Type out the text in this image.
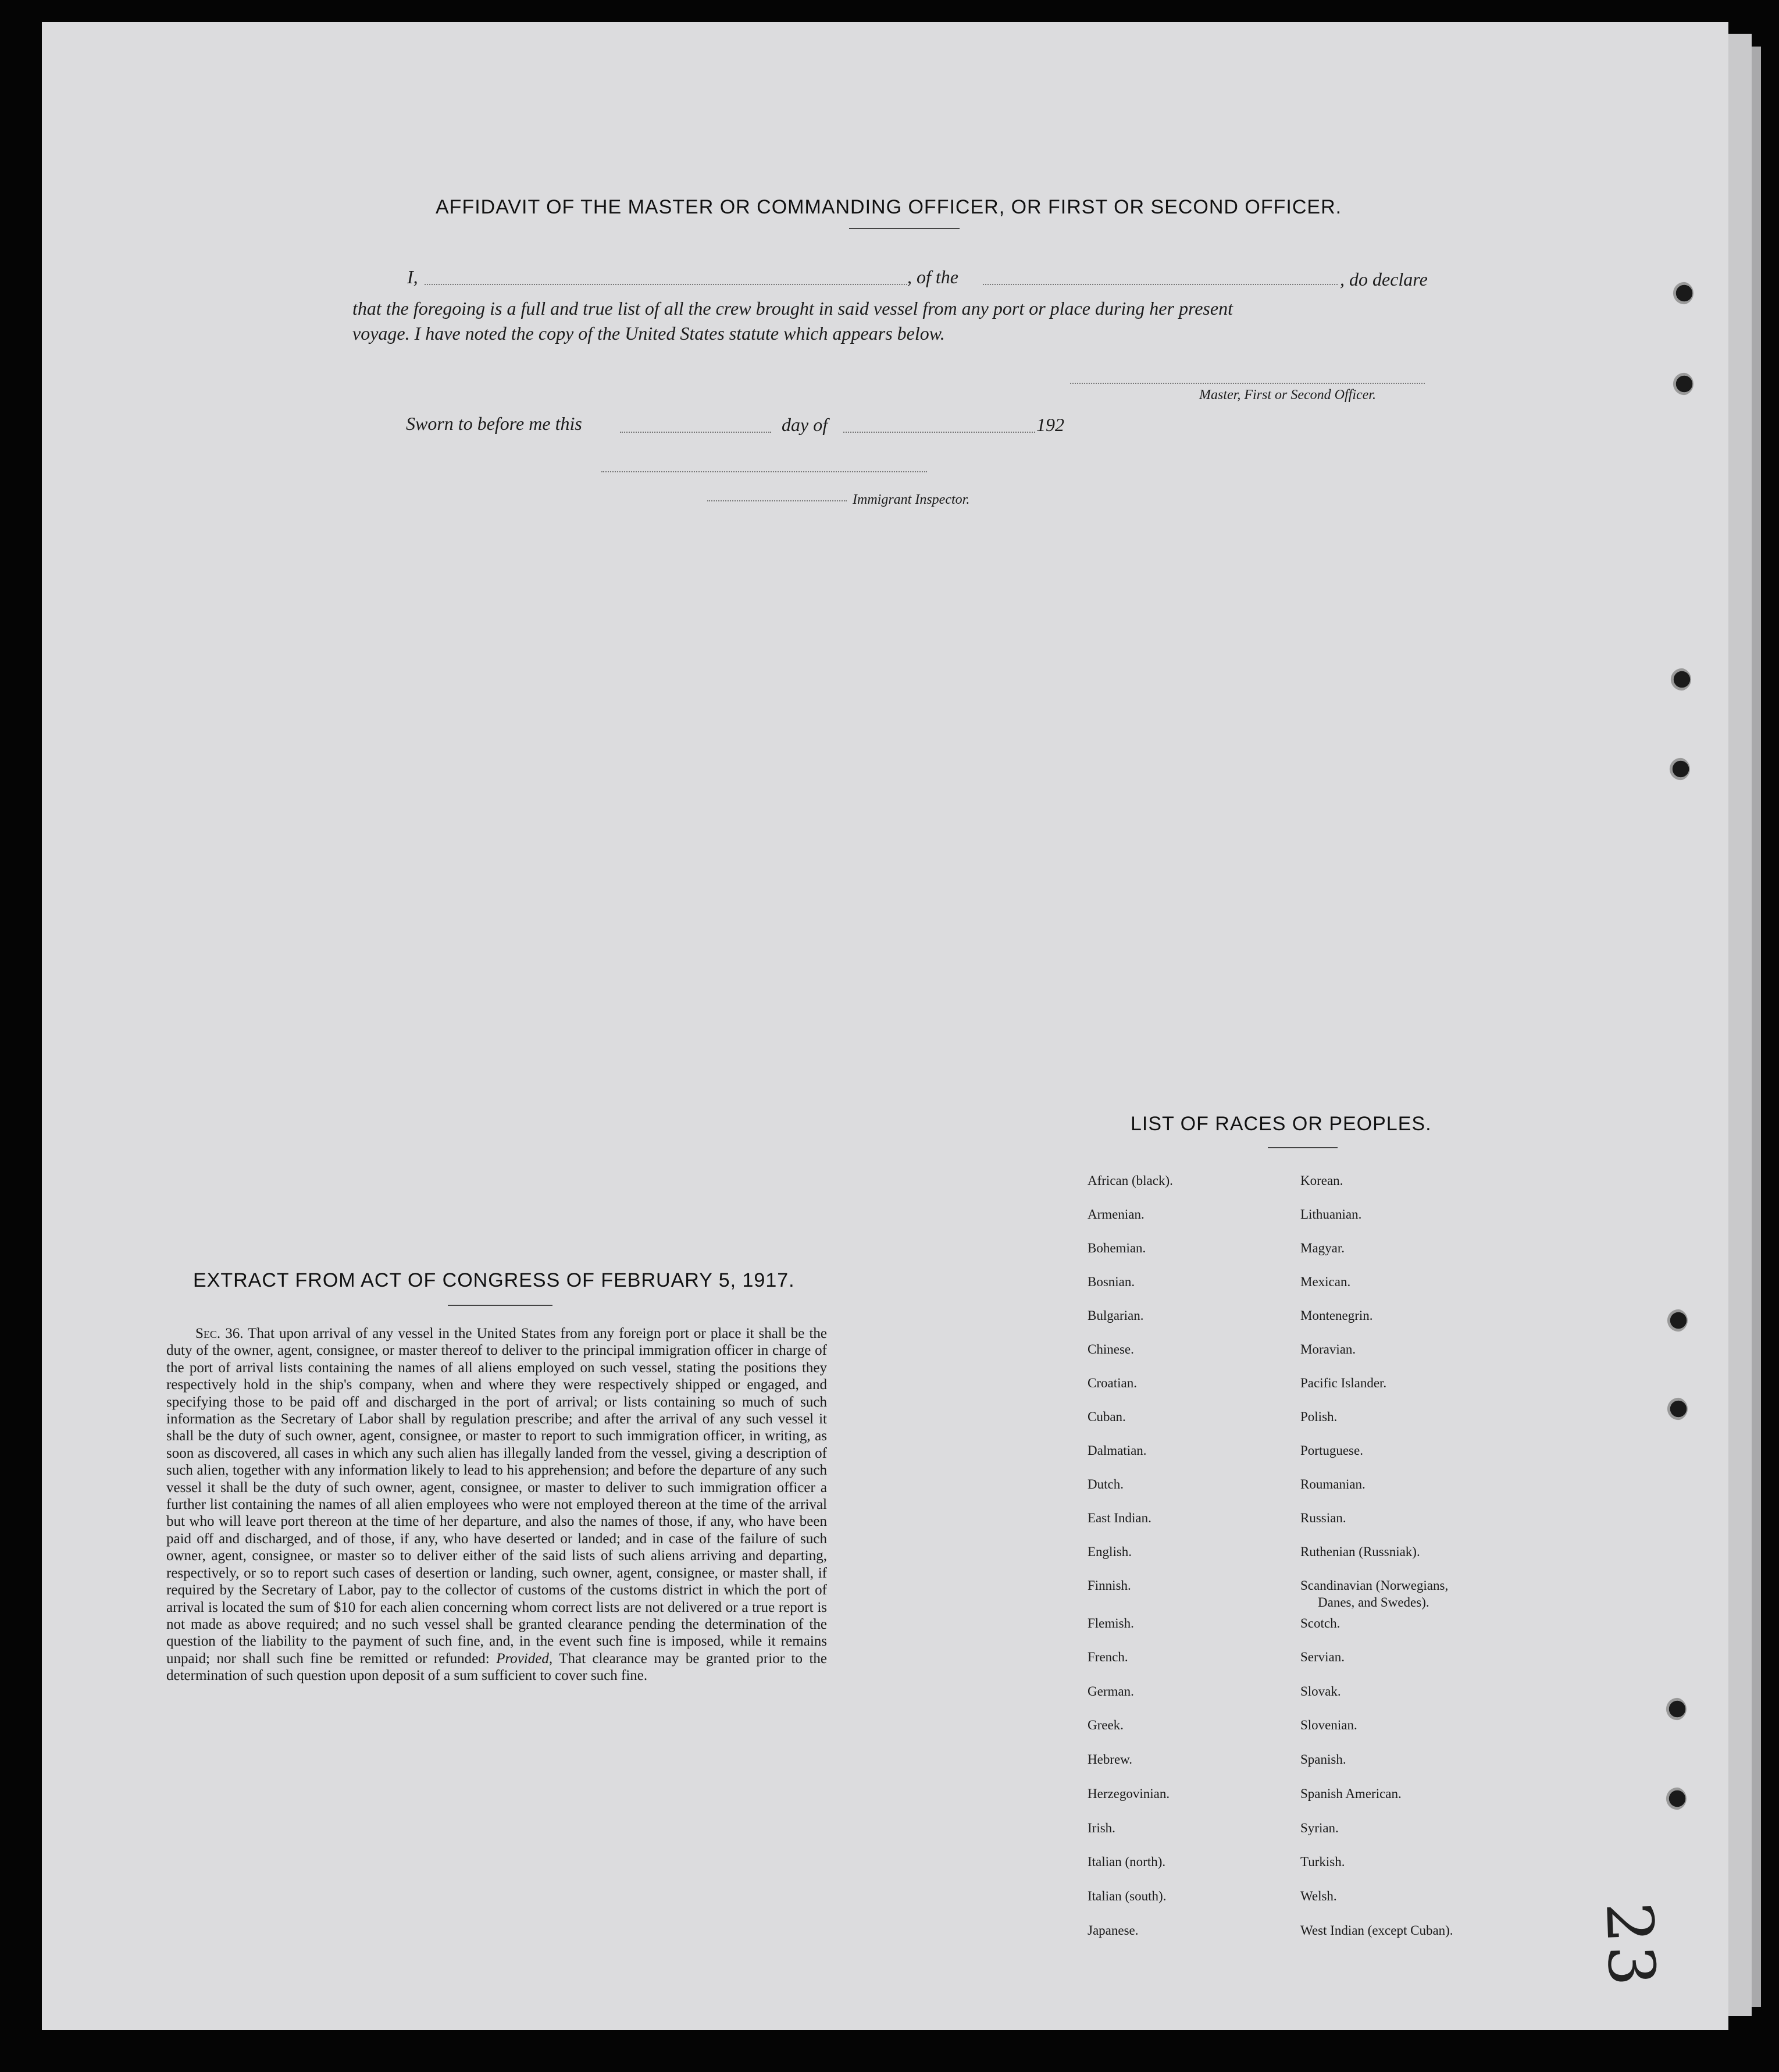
AFFIDAVIT OF THE MASTER OR COMMANDING OFFICER, OR FIRST OR SECOND OFFICER.
I,	, of the	, do declare
that the foregoing is a full and true list of all the crew brought in said vessel from any port or place during her present
voyage. I have noted the copy of the United States statute which appears below.
Master, First or Second Officer.
Sworn to before me this	day of	192
Immigrant Inspector.
EXTRACT FROM ACT OF CONGRESS OF FEBRUARY 5, 1917.
Sec. 36. That upon arrival of any vessel in the United States from any foreign port or place it shall be the duty of the owner, agent, consignee, or master thereof to deliver to the principal immigration officer in charge of the port of arrival lists containing the names of all aliens employed on such vessel, stating the positions they respectively hold in the ship's company, when and where they were respectively shipped or engaged, and specifying those to be paid off and discharged in the port of arrival; or lists containing so much of such information as the Secretary of Labor shall by regulation prescribe; and after the arrival of any such vessel it shall be the duty of such owner, agent, consignee, or master to report to such immigration officer, in writing, as soon as discovered, all cases in which any such alien has illegally landed from the vessel, giving a description of such alien, together with any information likely to lead to his apprehension; and before the departure of any such vessel it shall be the duty of such owner, agent, consignee, or master to deliver to such immigration officer a further list containing the names of all alien employees who were not employed thereon at the time of the arrival but who will leave port thereon at the time of her departure, and also the names of those, if any, who have been paid off and discharged, and of those, if any, who have deserted or landed; and in case of the failure of such owner, agent, consignee, or master so to deliver either of the said lists of such aliens arriving and departing, respectively, or so to report such cases of desertion or landing, such owner, agent, consignee, or master shall, if required by the Secretary of Labor, pay to the collector of customs of the customs district in which the port of arrival is located the sum of $10 for each alien concerning whom correct lists are not delivered or a true report is not made as above required; and no such vessel shall be granted clearance pending the determination of the question of the liability to the payment of such fine, and, in the event such fine is imposed, while it remains unpaid; nor shall such fine be remitted or refunded: Provided, That clearance may be granted prior to the determination of such question upon deposit of a sum sufficient to cover such fine.
LIST OF RACES OR PEOPLES.
African (black).
Armenian.
Bohemian.
Bosnian.
Bulgarian.
Chinese.
Croatian.
Cuban.
Dalmatian.
Dutch.
East Indian.
English.
Finnish.
Flemish.
French.
German.
Greek.
Hebrew.
Herzegovinian.
Irish.
Italian (north).
Italian (south).
Japanese.
Korean.
Lithuanian.
Magyar.
Mexican.
Montenegrin.
Moravian.
Pacific Islander.
Polish.
Portuguese.
Roumanian.
Russian.
Ruthenian (Russniak).
Scandinavian (Norwegians,
Danes, and Swedes).
Scotch.
Servian.
Slovak.
Slovenian.
Spanish.
Spanish American.
Syrian.
Turkish.
Welsh.
West Indian (except Cuban). 23
